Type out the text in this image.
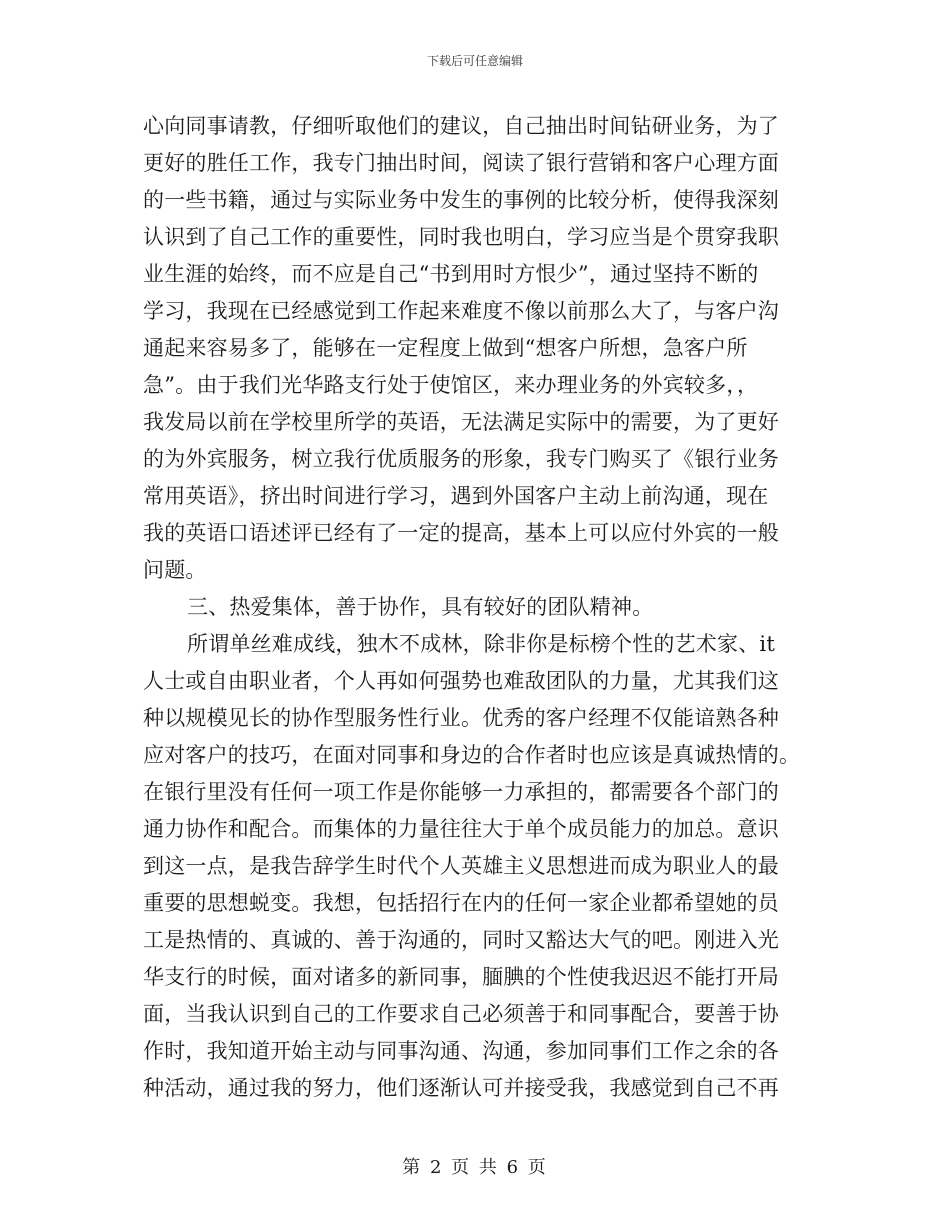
下载后可任意编辑
心向同事请教，仔细听取他们的建议，自己抽出时间钻研业务，为了
更好的胜任工作，我专门抽出时间，阅读了银行营销和客户心理方面
的一些书籍，通过与实际业务中发生的事例的比较分析，使得我深刻
认识到了自己工作的重要性，同时我也明白，学习应当是个贯穿我职
业生涯的始终，而不应是自己“书到用时方恨少”，通过坚持不断的
学习，我现在已经感觉到工作起来难度不像以前那么大了，与客户沟
通起来容易多了，能够在一定程度上做到“想客户所想，急客户所
急”。由于我们光华路支行处于使馆区，来办理业务的外宾较多，，
我发局以前在学校里所学的英语，无法满足实际中的需要，为了更好
的为外宾服务，树立我行优质服务的形象，我专门购买了《银行业务
常用英语》，挤出时间进行学习，遇到外国客户主动上前沟通，现在
我的英语口语述评已经有了一定的提高，基本上可以应付外宾的一般
问题。
三、热爱集体，善于协作，具有较好的团队精神。
所谓单丝难成线，独木不成林，除非你是标榜个性的艺术家、it
人士或自由职业者，个人再如何强势也难敌团队的力量，尤其我们这
种以规模见长的协作型服务性行业。优秀的客户经理不仅能谙熟各种
应对客户的技巧，在面对同事和身边的合作者时也应该是真诚热情的。
在银行里没有任何一项工作是你能够一力承担的，都需要各个部门的
通力协作和配合。而集体的力量往往大于单个成员能力的加总。意识
到这一点，是我告辞学生时代个人英雄主义思想进而成为职业人的最
重要的思想蜕变。我想，包括招行在内的任何一家企业都希望她的员
工是热情的、真诚的、善于沟通的，同时又豁达大气的吧。刚进入光
华支行的时候，面对诸多的新同事，腼腆的个性使我迟迟不能打开局
面，当我认识到自己的工作要求自己必须善于和同事配合，要善于协
作时，我知道开始主动与同事沟通、沟通，参加同事们工作之余的各
种活动，通过我的努力，他们逐渐认可并接受我，我感觉到自己不再
第 2 页 共 6 页
